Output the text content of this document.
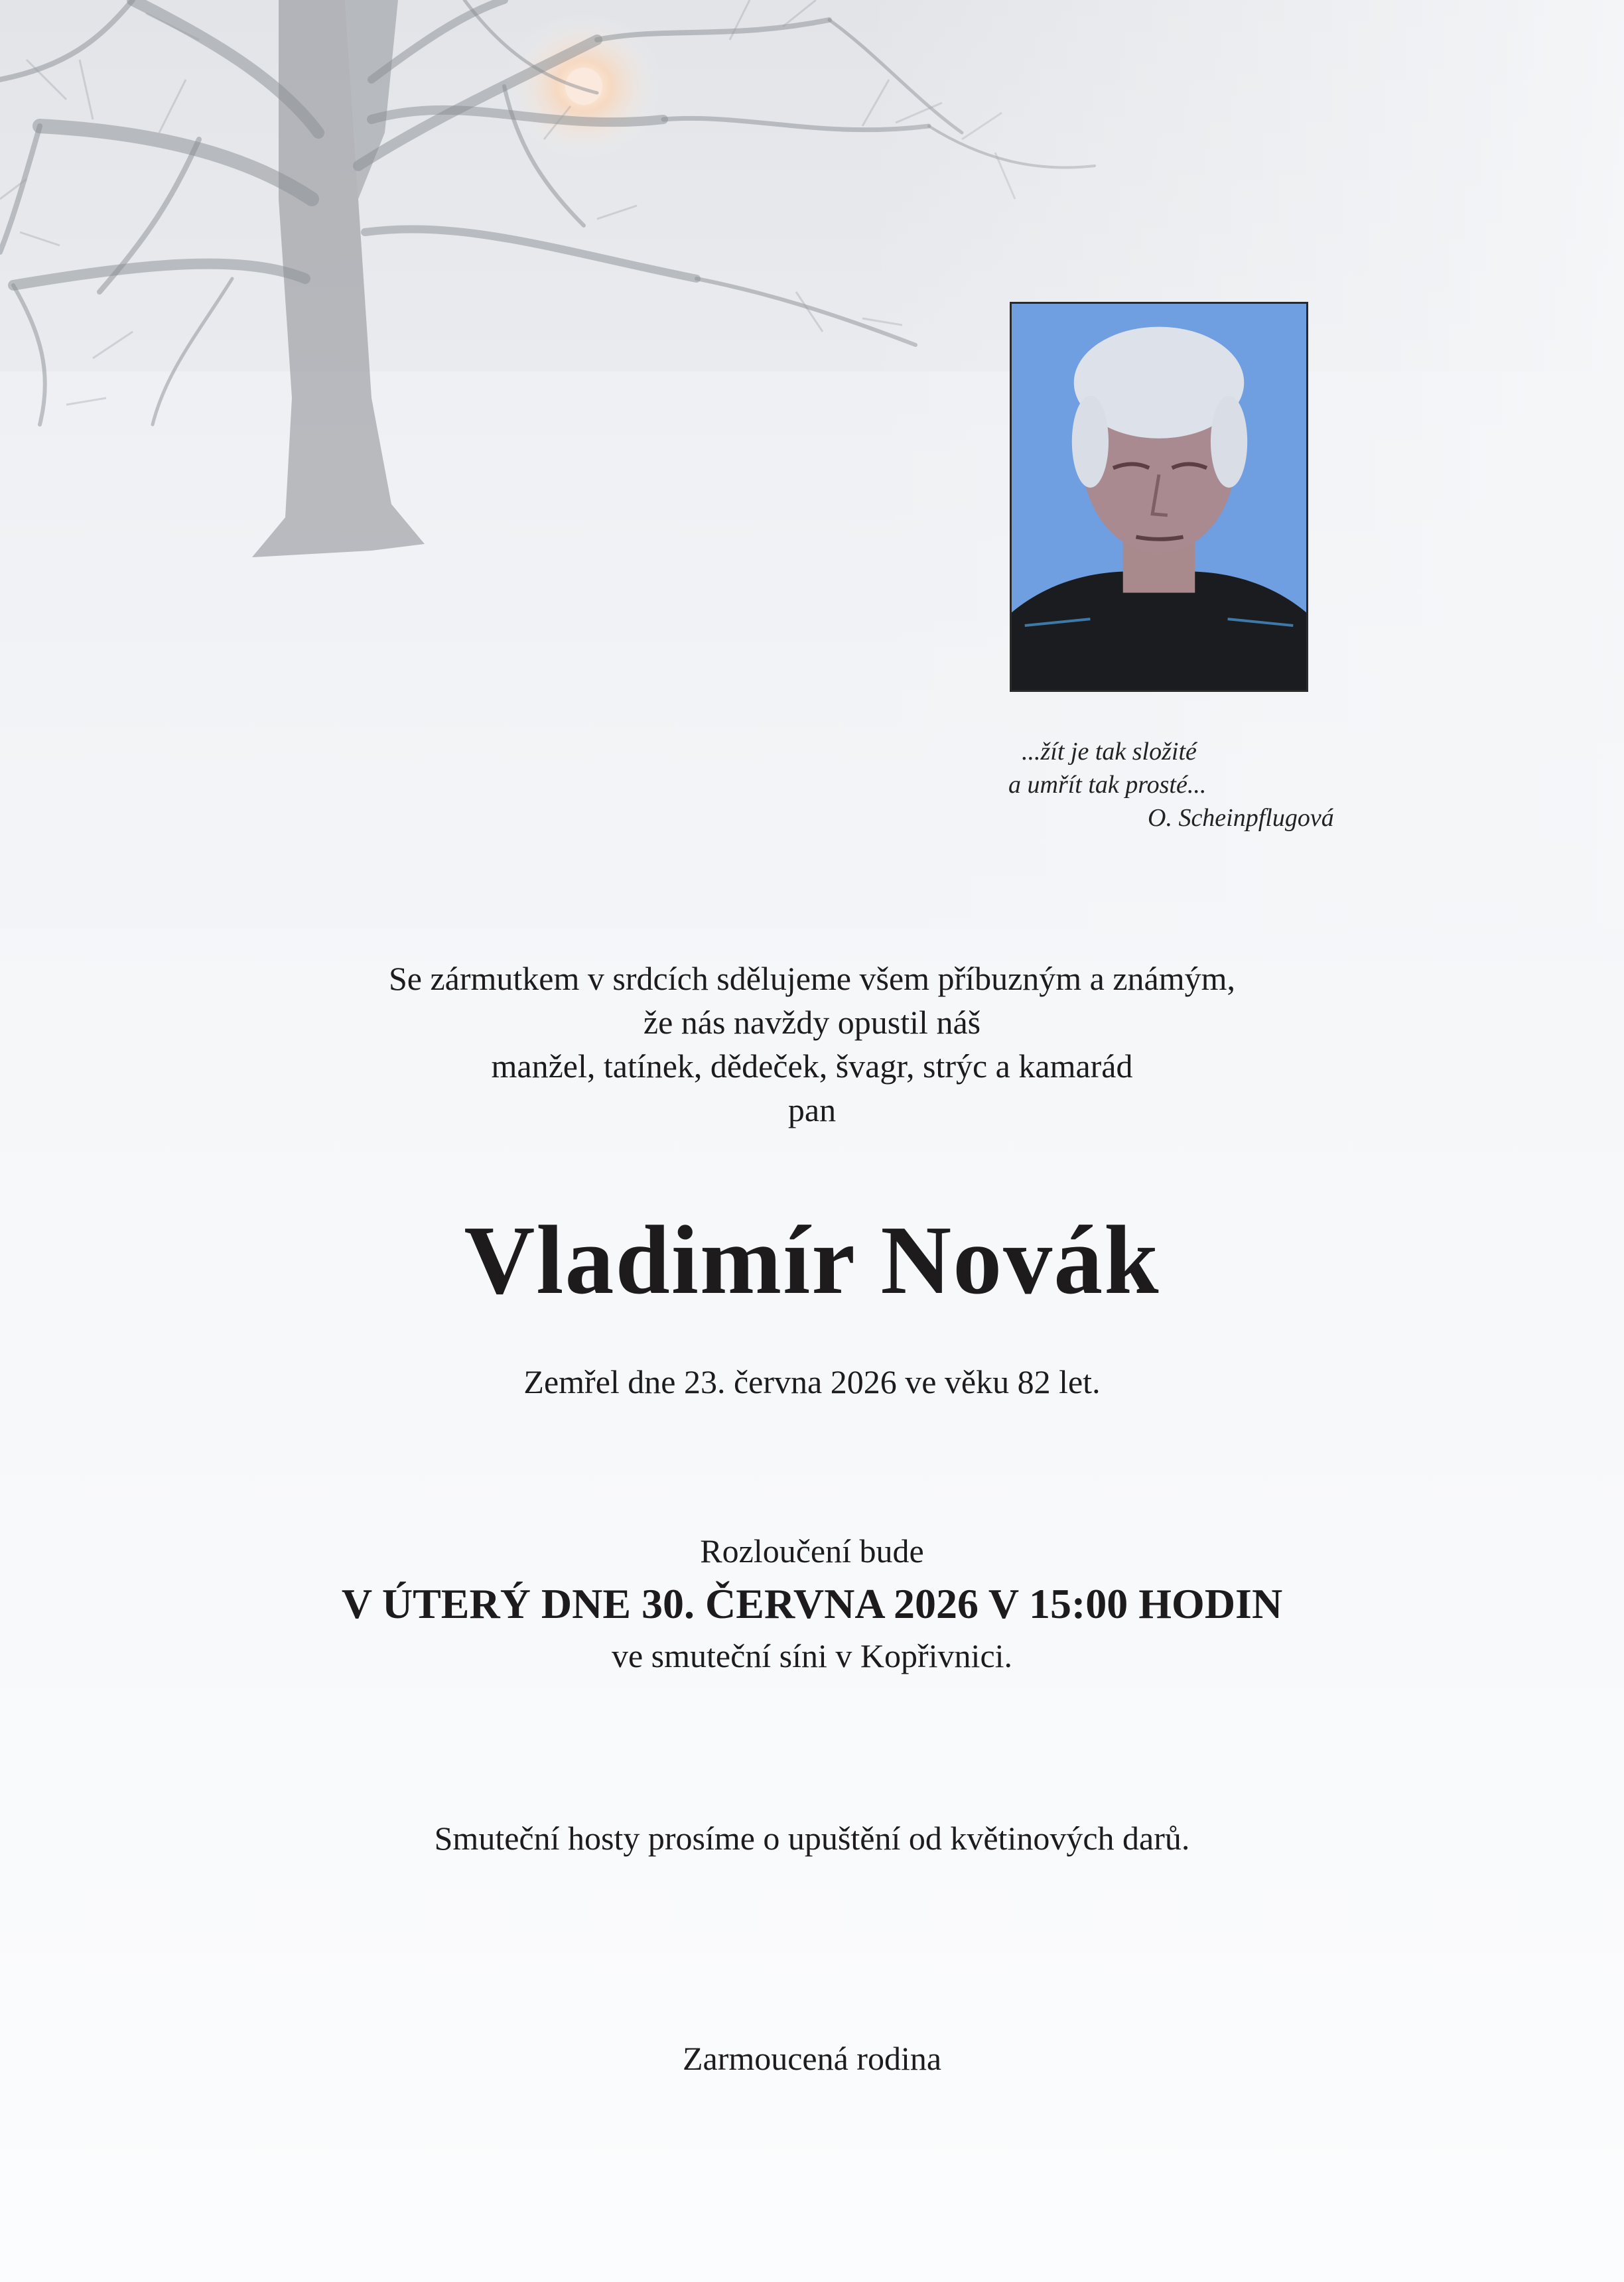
...žít je tak složité
a umřít tak prosté...
O. Scheinpflugová
Se zármutkem v srdcích sdělujeme všem příbuzným a známým,
že nás navždy opustil náš
manžel, tatínek, dědeček, švagr, strýc a kamarád
pan
Vladimír Novák
Zemřel dne 23. června 2026 ve věku 82 let.
Rozloučení bude
V ÚTERÝ DNE 30. ČERVNA 2026 V 15:00 HODIN
ve smuteční síni v Kopřivnici.
Smuteční hosty prosíme o upuštění od květinových darů.
Zarmoucená rodina
